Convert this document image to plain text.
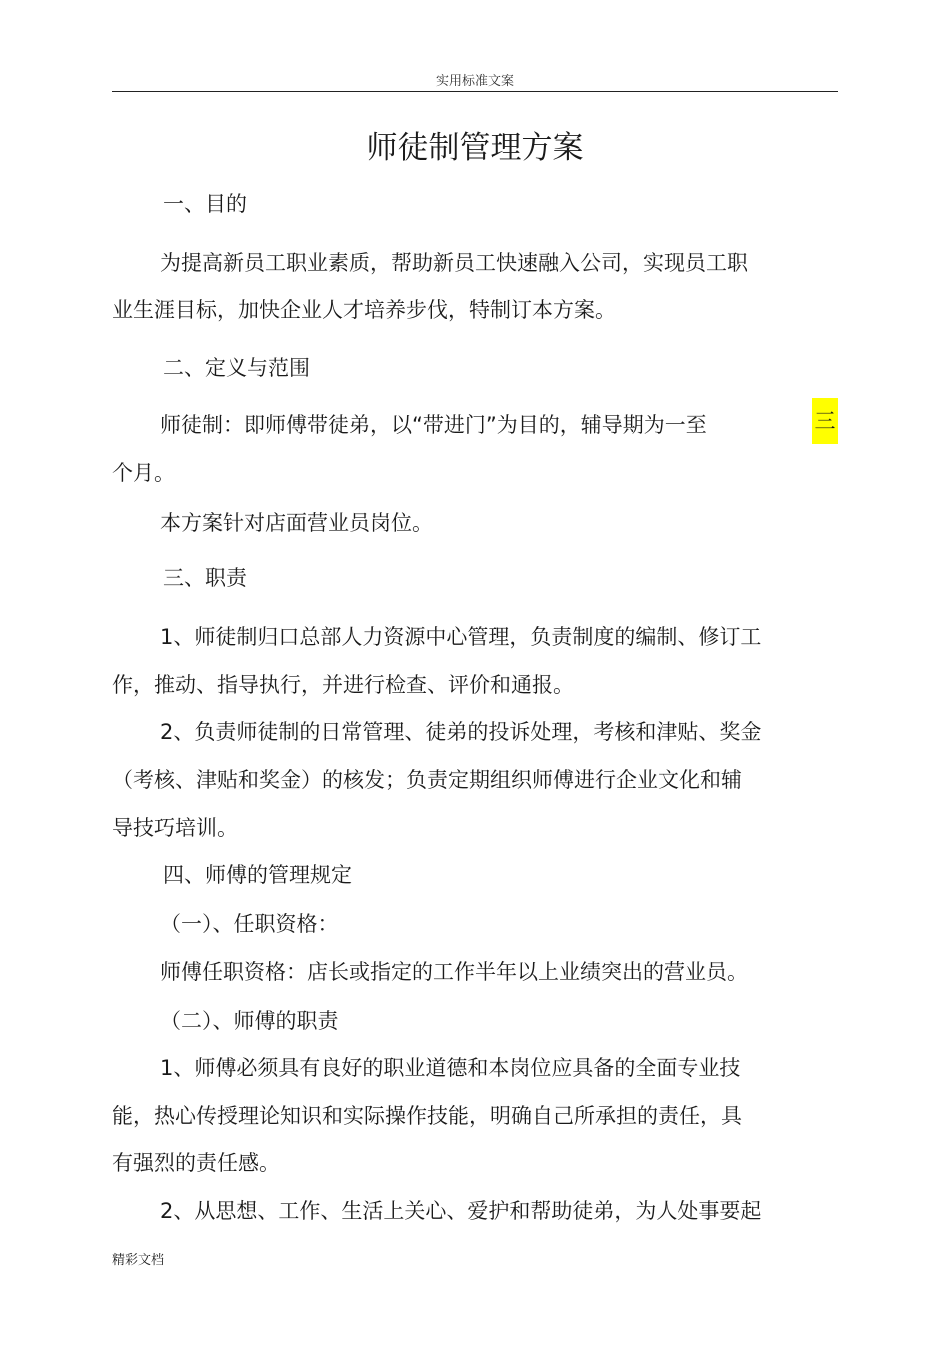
实用标准文案
师徒制管理方案
一、目的
为提高新员工职业素质，帮助新员工快速融入公司，实现员工职
业生涯目标，加快企业人才培养步伐，特制订本方案。
二、定义与范围
师徒制：即师傅带徒弟，以“带进门”为目的，辅导期为一至	三
个月。
本方案针对店面营业员岗位。
三、职责
1、师徒制归口总部人力资源中心管理，负责制度的编制、修订工
作，推动、指导执行，并进行检查、评价和通报。
2、负责师徒制的日常管理、徒弟的投诉处理，考核和津贴、奖金
（考核、津贴和奖金）的核发；负责定期组织师傅进行企业文化和辅
导技巧培训。
四、师傅的管理规定
（一）、任职资格：
师傅任职资格：店长或指定的工作半年以上业绩突出的营业员。
（二）、师傅的职责
1、师傅必须具有良好的职业道德和本岗位应具备的全面专业技
能，热心传授理论知识和实际操作技能，明确自己所承担的责任，具
有强烈的责任感。
2、从思想、工作、生活上关心、爱护和帮助徒弟，为人处事要起
精彩文档
